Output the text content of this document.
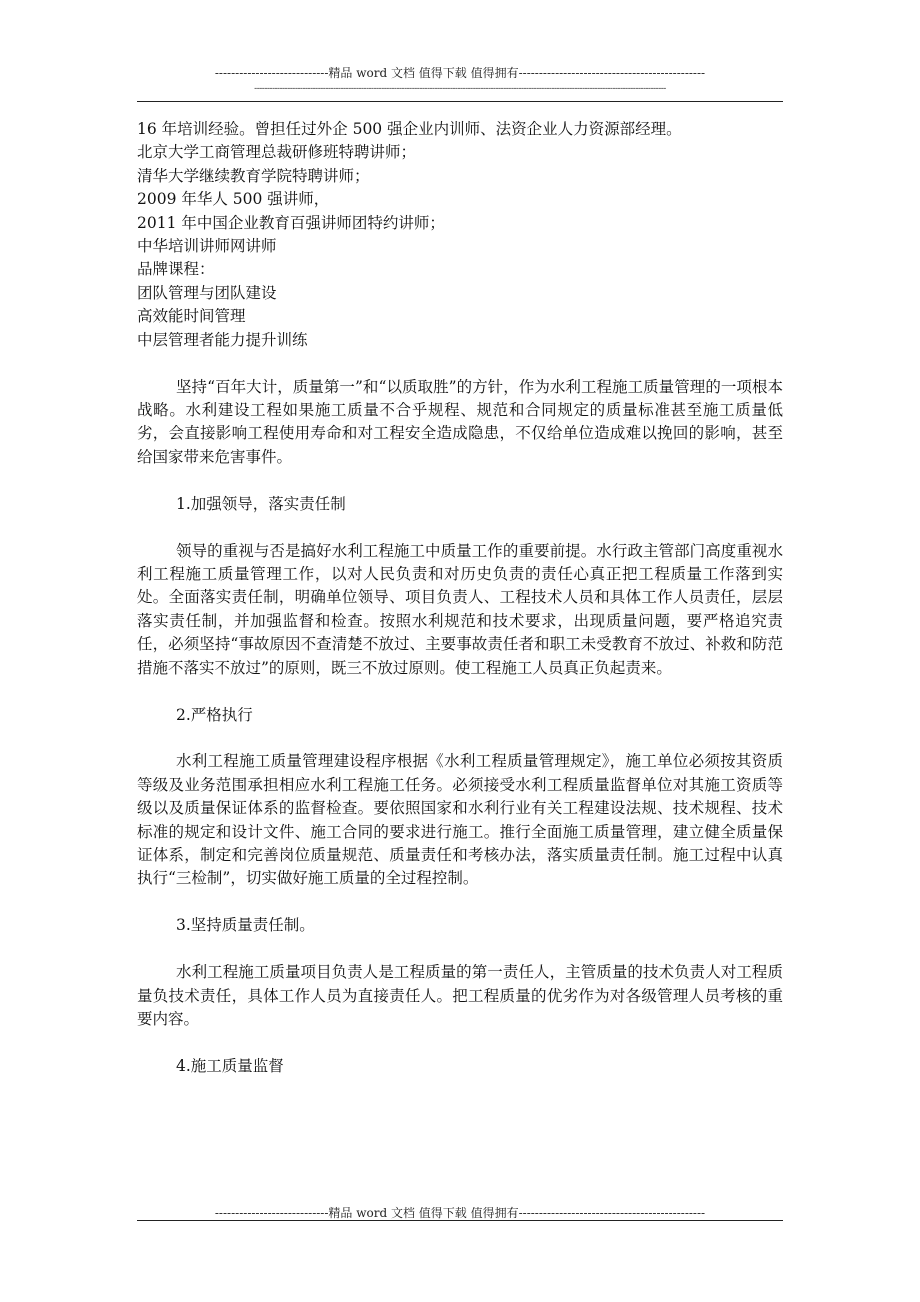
----------------------------精品 word 文档 值得下载 值得拥有----------------------------------------------
------------------------------------------------------------------------------------------------------------------------------------------------------------------
16 年培训经验。曾担任过外企 500 强企业内训师、法资企业人力资源部经理。
北京大学工商管理总裁研修班特聘讲师；
清华大学继续教育学院特聘讲师；
2009 年华人 500 强讲师，
2011 年中国企业教育百强讲师团特约讲师；
中华培训讲师网讲师
品牌课程：
团队管理与团队建设
高效能时间管理
中层管理者能力提升训练

坚持“百年大计，质量第一”和“以质取胜”的方针，作为水利工程施工质量管理的一项根本战略。水利建设工程如果施工质量不合乎规程、规范和合同规定的质量标准甚至施工质量低劣，会直接影响工程使用寿命和对工程安全造成隐患，不仅给单位造成难以挽回的影响，甚至给国家带来危害事件。

1.加强领导，落实责任制

领导的重视与否是搞好水利工程施工中质量工作的重要前提。水行政主管部门高度重视水利工程施工质量管理工作，以对人民负责和对历史负责的责任心真正把工程质量工作落到实处。全面落实责任制，明确单位领导、项目负责人、工程技术人员和具体工作人员责任，层层落实责任制，并加强监督和检查。按照水利规范和技术要求，出现质量问题，要严格追究责任，必须坚持“事故原因不查清楚不放过、主要事故责任者和职工未受教育不放过、补救和防范措施不落实不放过”的原则，既三不放过原则。使工程施工人员真正负起责来。

2.严格执行

水利工程施工质量管理建设程序根据《水利工程质量管理规定》，施工单位必须按其资质等级及业务范围承担相应水利工程施工任务。必须接受水利工程质量监督单位对其施工资质等级以及质量保证体系的监督检查。要依照国家和水利行业有关工程建设法规、技术规程、技术标准的规定和设计文件、施工合同的要求进行施工。推行全面施工质量管理，建立健全质量保证体系，制定和完善岗位质量规范、质量责任和考核办法，落实质量责任制。施工过程中认真执行“三检制”，切实做好施工质量的全过程控制。

3.坚持质量责任制。

水利工程施工质量项目负责人是工程质量的第一责任人，主管质量的技术负责人对工程质量负技术责任，具体工作人员为直接责任人。把工程质量的优劣作为对各级管理人员考核的重要内容。

4.施工质量监督
----------------------------精品 word 文档 值得下载 值得拥有----------------------------------------------
